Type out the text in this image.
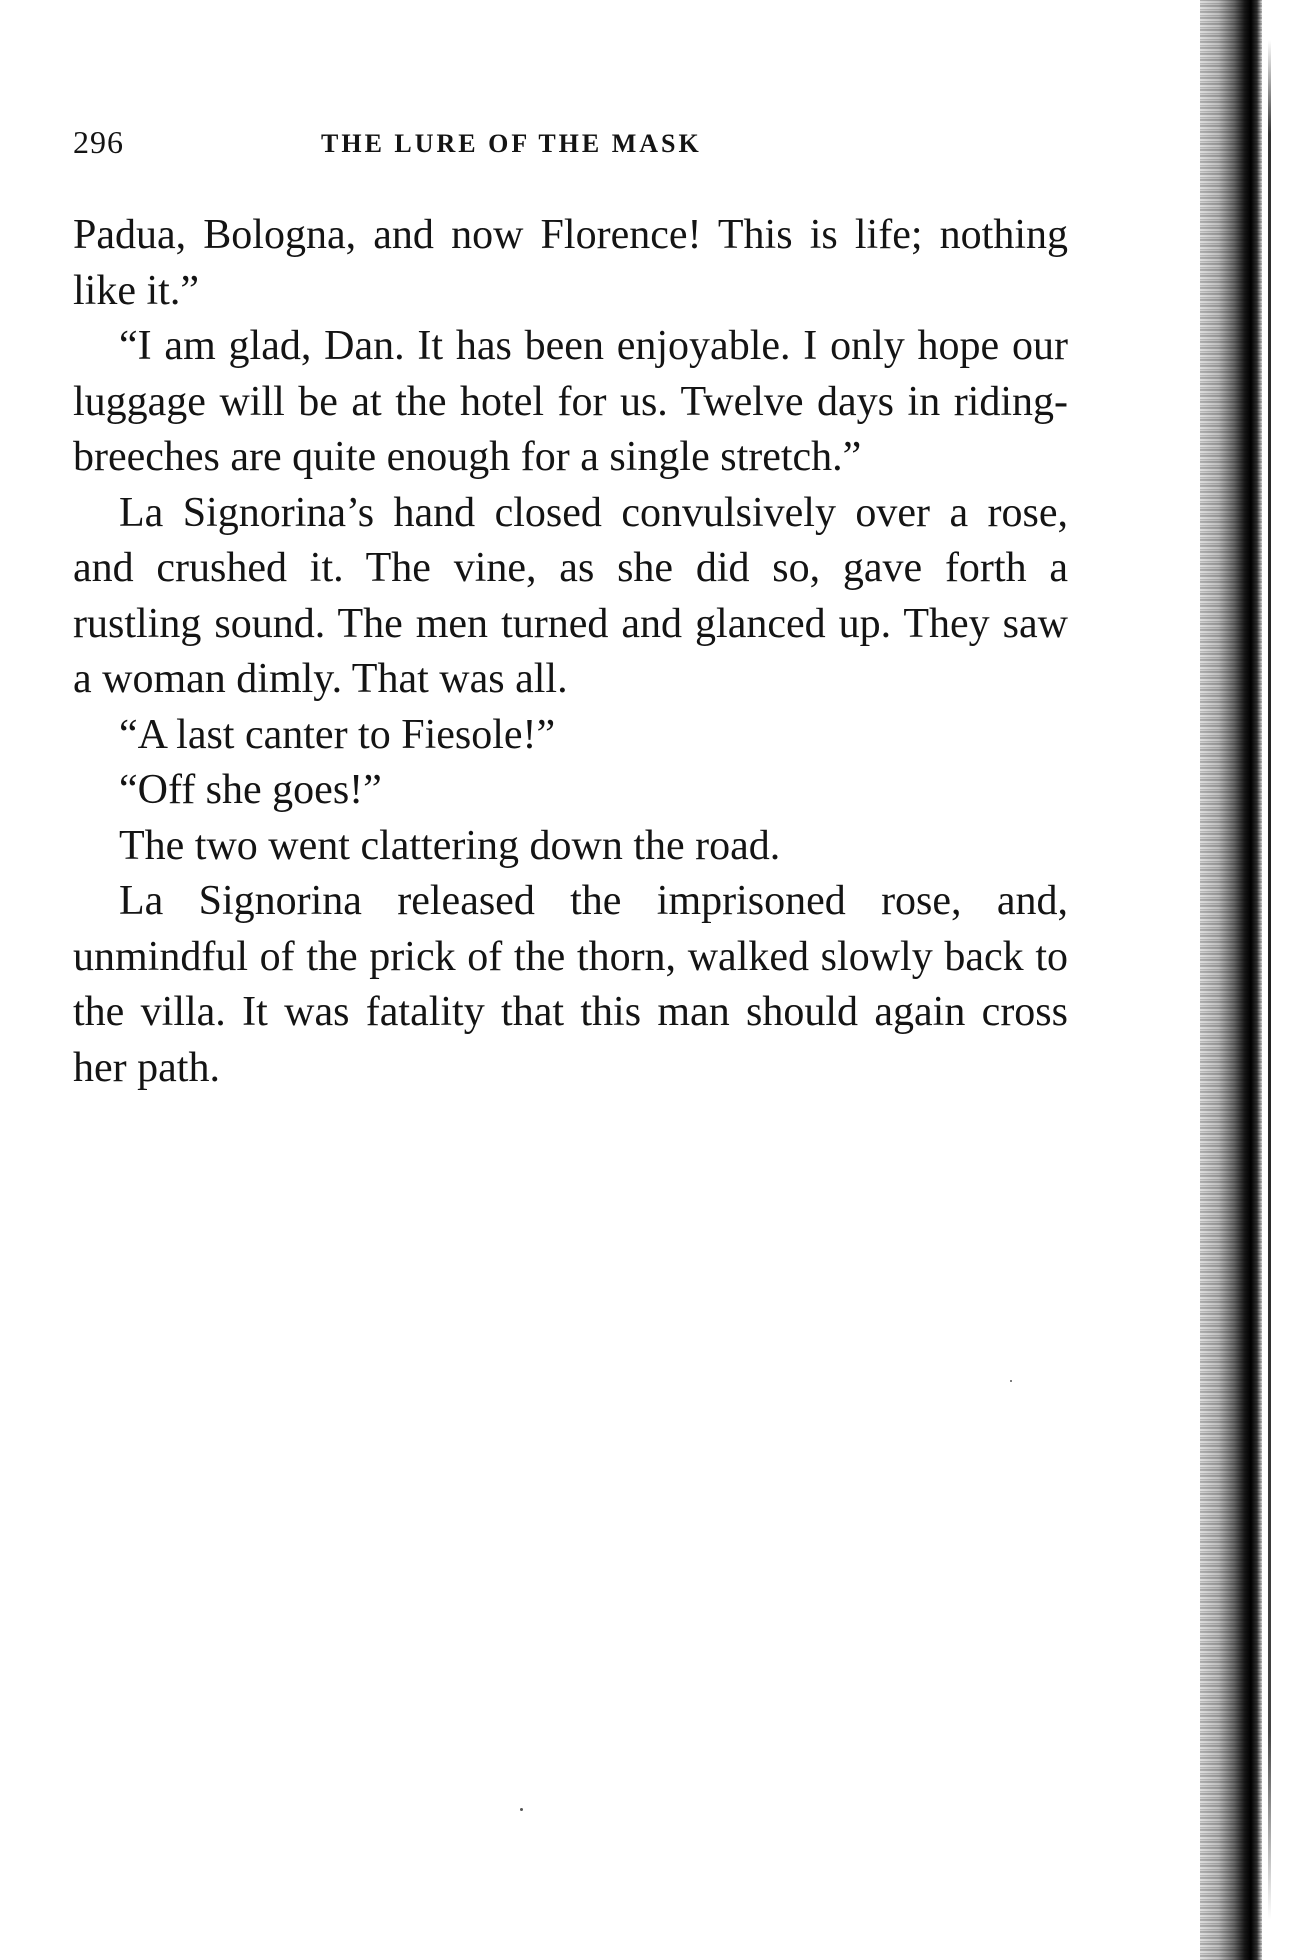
296	THE LURE OF THE MASK

Padua, Bologna, and now Florence! This is life; nothing like it.”

“I am glad, Dan. It has been enjoyable. I only hope our luggage will be at the hotel for us. Twelve days in riding-breeches are quite enough for a single stretch.”

La Signorina’s hand closed convulsively over a rose, and crushed it. The vine, as she did so, gave forth a rustling sound. The men turned and glanced up. They saw a woman dimly. That was all.

“A last canter to Fiesole!”

“Off she goes!”

The two went clattering down the road.

La Signorina released the imprisoned rose, and, unmindful of the prick of the thorn, walked slowly back to the villa. It was fatality that this man should again cross her path.
